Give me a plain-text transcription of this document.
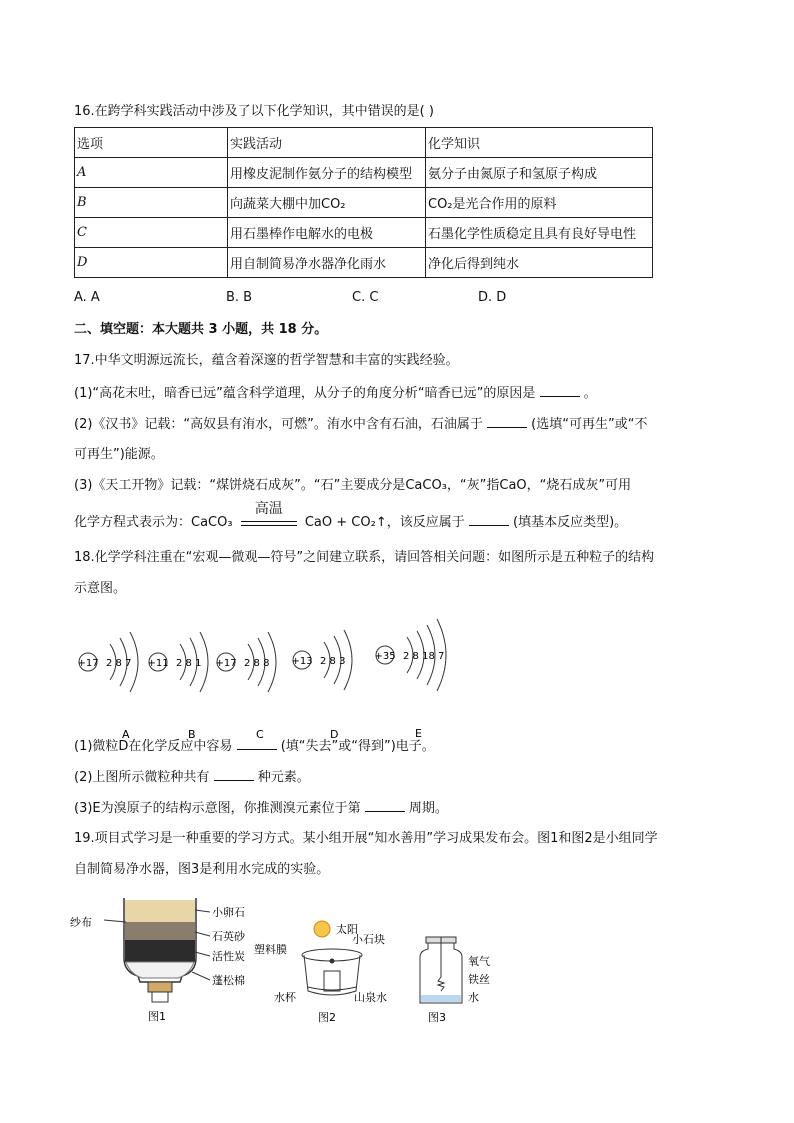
16.在跨学科实践活动中涉及了以下化学知识，其中错误的是( )
选项	实践活动	化学知识
A	用橡皮泥制作氨分子的结构模型	氨分子由氮原子和氢原子构成
B	向蔬菜大棚中加CO₂	CO₂是光合作用的原料
C	用石墨棒作电解水的电极	石墨化学性质稳定且具有良好导电性
D	用自制简易净水器净化雨水	净化后得到纯水
A. A	B. B	C. C	D. D
二、填空题：本大题共 3 小题，共 18 分。
17.中华文明源远流长，蕴含着深邃的哲学智慧和丰富的实践经验。
(1)“高花末吐，暗香已远”蕴含科学道理，从分子的角度分析“暗香已远”的原因是	。
(2)《汉书》记载：“高奴县有洧水，可燃”。洧水中含有石油，石油属于	(选填“可再生”或“不
可再生”)能源。
(3)《天工开物》记载：“煤饼烧石成灰”。“石”主要成分是CaCO₃，“灰”指CaO，“烧石成灰”可用
化学方程式表示为：CaCO₃
高温
CaO + CO₂↑，该反应属于	(填基本反应类型)。
18.化学学科注重在“宏观—微观—符号”之间建立联系，请回答相关问题：如图所示是五种粒子的结构
示意图。
+17 2 8 7
A
+11 2 8 1
B
+17 2 8 8
C
+13 2 8 3
D
+35 2 8 18 7
E
(1)微粒D在化学反应中容易	(填“失去”或“得到”)电子。
(2)上图所示微粒种共有	种元素。
(3)E为溴原子的结构示意图，你推测溴元素位于第	周期。
19.项目式学习是一种重要的学习方式。某小组开展“知水善用”学习成果发布会。图1和图2是小组同学
自制简易净水器，图3是利用水完成的实验。
纱布
小卵石
石英砂
活性炭
蓬松棉
图1
太阳
塑料膜
小石块
水杯	山泉水
图2
氧气
铁丝
水
图3
